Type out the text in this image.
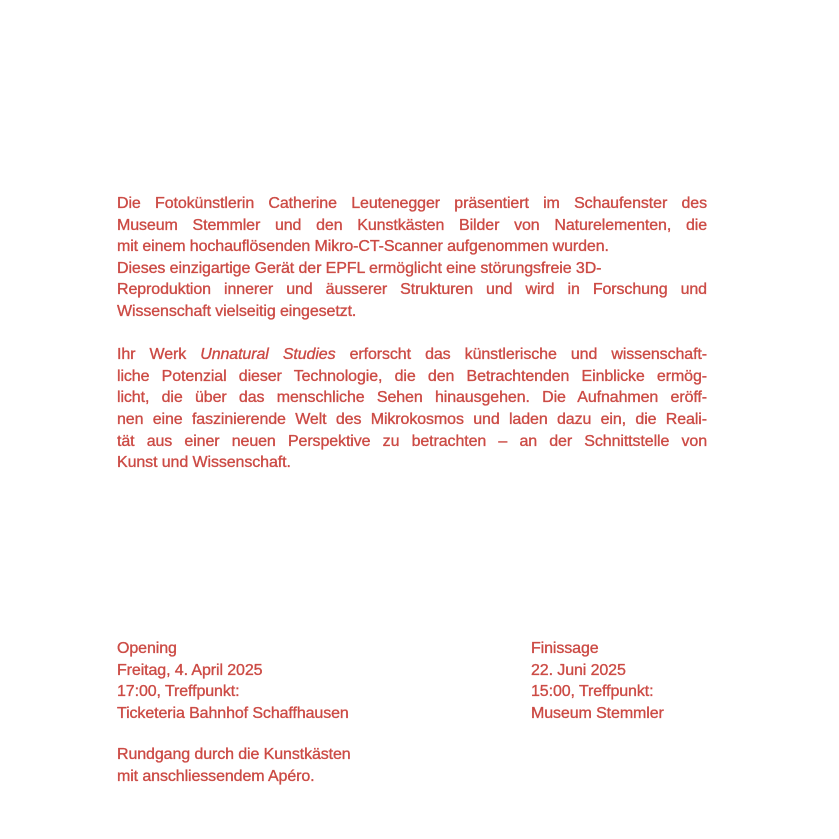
Die Fotokünstlerin Catherine Leutenegger präsentiert im Schaufenster des
Museum Stemmler und den Kunstkästen Bilder von Naturelementen, die
mit einem hochauflösenden Mikro-CT-Scanner aufgenommen wurden.
Dieses einzigartige Gerät der EPFL ermöglicht eine störungsfreie 3D-
Reproduktion innerer und äusserer Strukturen und wird in Forschung und
Wissenschaft vielseitig eingesetzt.
Ihr Werk Unnatural Studies erforscht das künstlerische und wissenschaft-
liche Potenzial dieser Technologie, die den Betrachtenden Einblicke ermög-
licht, die über das menschliche Sehen hinausgehen. Die Aufnahmen eröff-
nen eine faszinierende Welt des Mikrokosmos und laden dazu ein, die Reali-
tät aus einer neuen Perspektive zu betrachten – an der Schnittstelle von
Kunst und Wissenschaft.
Opening
Freitag, 4. April 2025
17:00, Treffpunkt:
Ticketeria Bahnhof Schaffhausen
Finissage
22. Juni 2025
15:00, Treffpunkt:
Museum Stemmler
Rundgang durch die Kunstkästen
mit anschliessendem Apéro.
